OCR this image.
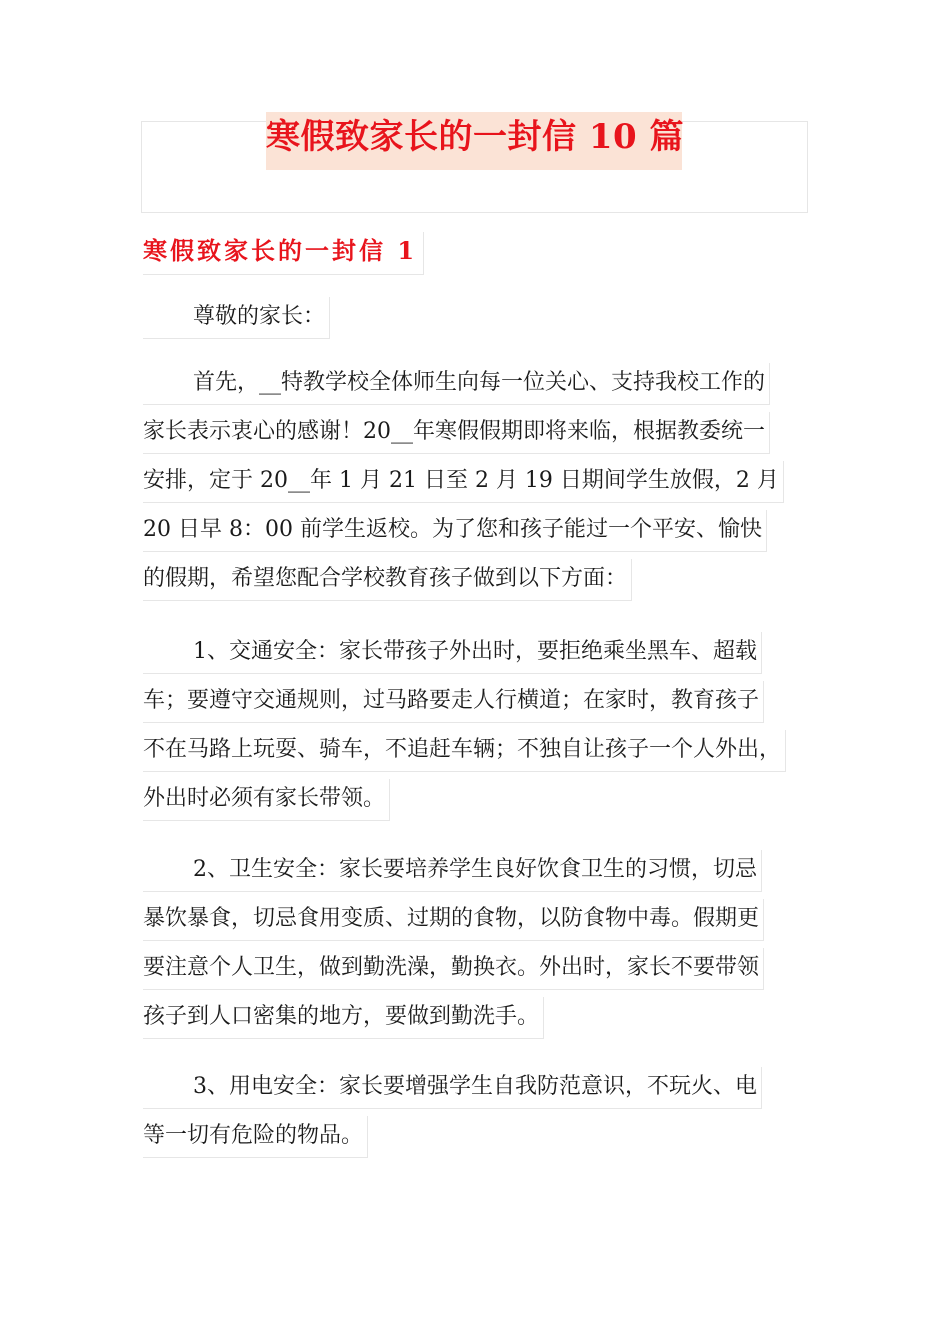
寒假致家长的一封信 10 篇
寒假致家长的一封信 1
尊敬的家长：
首先，__特教学校全体师生向每一位关心、支持我校工作的
家长表示衷心的感谢！20__年寒假假期即将来临，根据教委统一
安排，定于 20__年 1 月 21 日至 2 月 19 日期间学生放假，2 月
20 日早 8：00 前学生返校。为了您和孩子能过一个平安、愉快
的假期，希望您配合学校教育孩子做到以下方面：
1、交通安全：家长带孩子外出时，要拒绝乘坐黑车、超载
车；要遵守交通规则，过马路要走人行横道；在家时，教育孩子
不在马路上玩耍、骑车，不追赶车辆；不独自让孩子一个人外出，
外出时必须有家长带领。
2、卫生安全：家长要培养学生良好饮食卫生的习惯，切忌
暴饮暴食，切忌食用变质、过期的食物，以防食物中毒。假期更
要注意个人卫生，做到勤洗澡，勤换衣。外出时，家长不要带领
孩子到人口密集的地方，要做到勤洗手。
3、用电安全：家长要增强学生自我防范意识，不玩火、电
等一切有危险的物品。
